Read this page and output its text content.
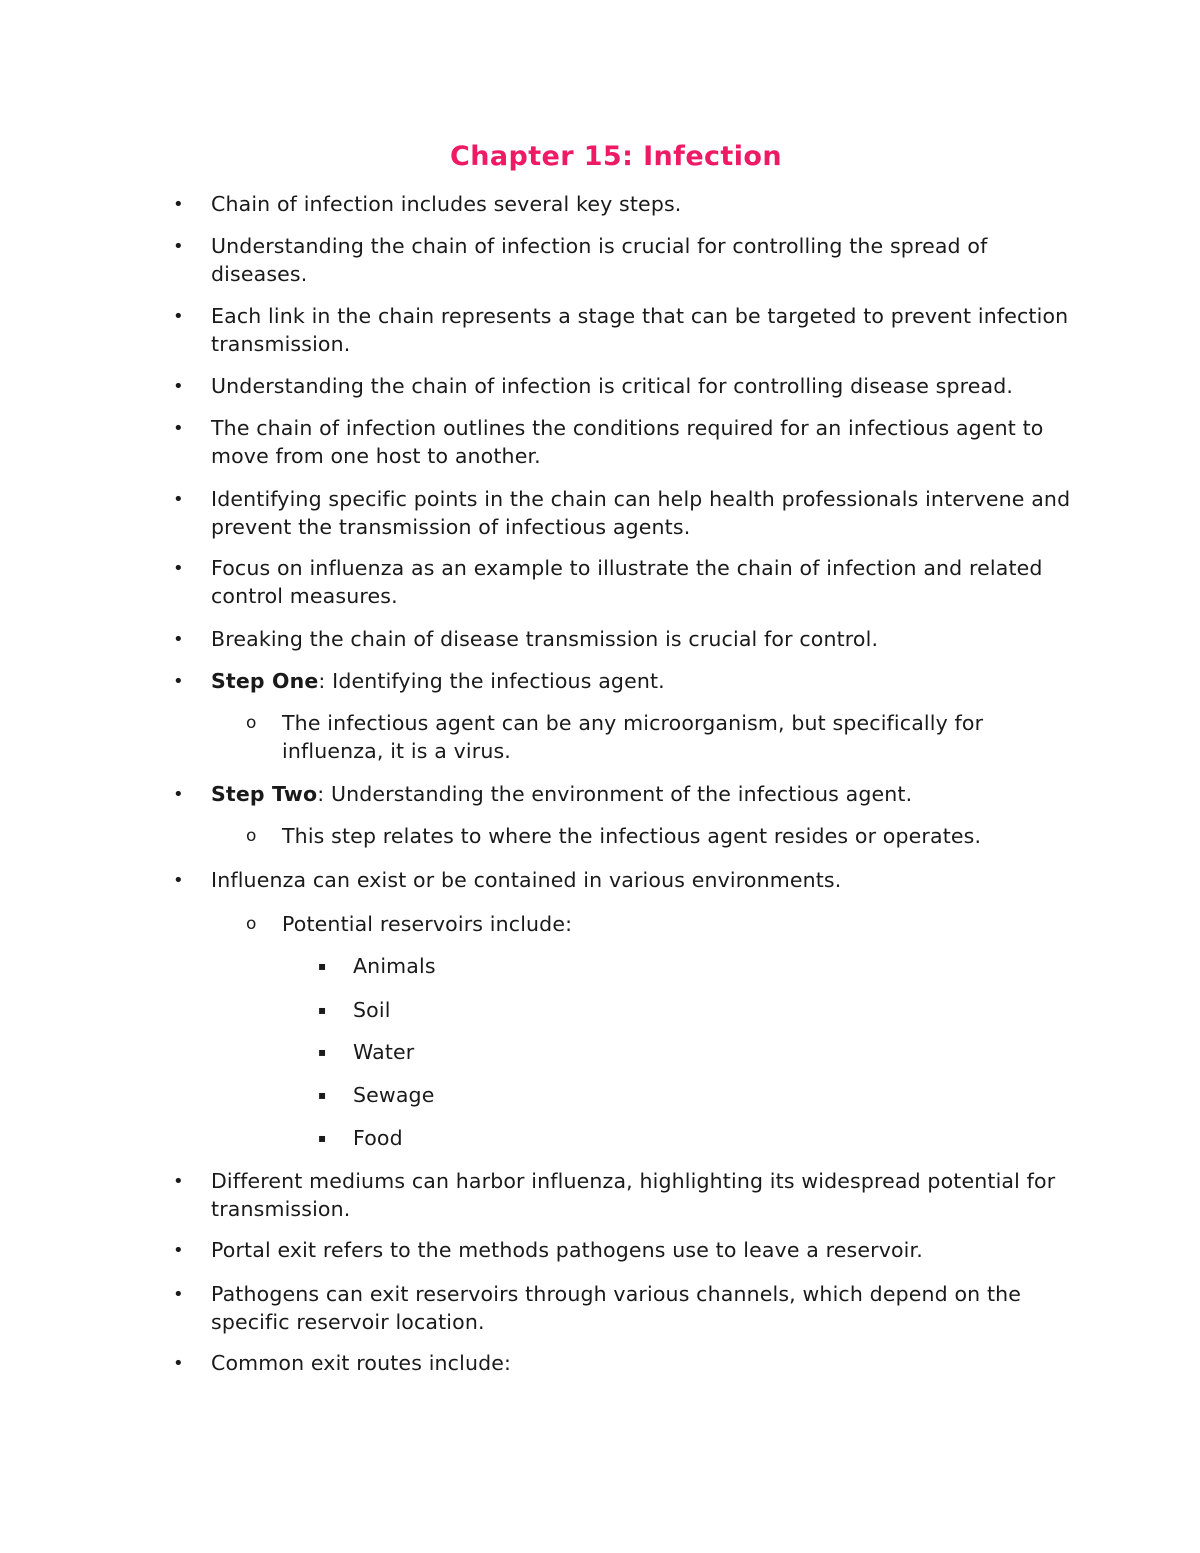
Chapter 15: Infection
• Chain of infection includes several key steps.
• Understanding the chain of infection is crucial for controlling the spread of diseases.
• Each link in the chain represents a stage that can be targeted to prevent infection transmission.
• Understanding the chain of infection is critical for controlling disease spread.
• The chain of infection outlines the conditions required for an infectious agent to move from one host to another.
• Identifying specific points in the chain can help health professionals intervene and prevent the transmission of infectious agents.
• Focus on influenza as an example to illustrate the chain of infection and related control measures.
• Breaking the chain of disease transmission is crucial for control.
• Step One: Identifying the infectious agent.
o The infectious agent can be any microorganism, but specifically for influenza, it is a virus.
• Step Two: Understanding the environment of the infectious agent.
o This step relates to where the infectious agent resides or operates.
• Influenza can exist or be contained in various environments.
o Potential reservoirs include:
▪ Animals
▪ Soil
▪ Water
▪ Sewage
▪ Food
• Different mediums can harbor influenza, highlighting its widespread potential for transmission.
• Portal exit refers to the methods pathogens use to leave a reservoir.
• Pathogens can exit reservoirs through various channels, which depend on the specific reservoir location.
• Common exit routes include:
